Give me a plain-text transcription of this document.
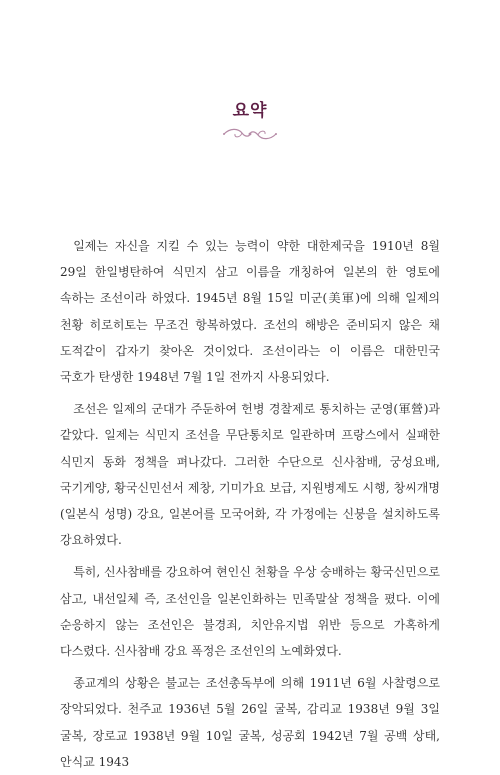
요약

일제는 자신을 지킬 수 있는 능력이 약한 대한제국을 1910년 8월 29일 한일병탄하여 식민지 삼고 이름을 개칭하여 일본의 한 영토에 속하는 조선이라 하였다. 1945년 8월 15일 미군(美軍)에 의해 일제의 천황 히로히토는 무조건 항복하였다. 조선의 해방은 준비되지 않은 채 도적같이 갑자기 찾아온 것이었다. 조선이라는 이 이름은 대한민국 국호가 탄생한 1948년 7월 1일 전까지 사용되었다.

조선은 일제의 군대가 주둔하여 헌병 경찰제로 통치하는 군영(軍營)과 같았다. 일제는 식민지 조선을 무단통치로 일관하며 프랑스에서 실패한 식민지 동화 정책을 펴나갔다. 그러한 수단으로 신사참배, 궁성요배, 국기게양, 황국신민선서 제창, 기미가요 보급, 지원병제도 시행, 창씨개명(일본식 성명) 강요, 일본어를 모국어화, 각 가정에는 신붕을 설치하도록 강요하였다.

특히, 신사참배를 강요하여 현인신 천황을 우상 숭배하는 황국신민으로 삼고, 내선일체 즉, 조선인을 일본인화하는 민족말살 정책을 폈다. 이에 순응하지 않는 조선인은 불경죄, 치안유지법 위반 등으로 가혹하게 다스렸다. 신사참배 강요 폭정은 조선인의 노예화였다.

종교계의 상황은 불교는 조선총독부에 의해 1911년 6월 사찰령으로 장악되었다. 천주교 1936년 5월 26일 굴복, 감리교 1938년 9월 3일 굴복, 장로교 1938년 9월 10일 굴복, 성공회 1942년 7월 공백 상태, 안식교 1943
